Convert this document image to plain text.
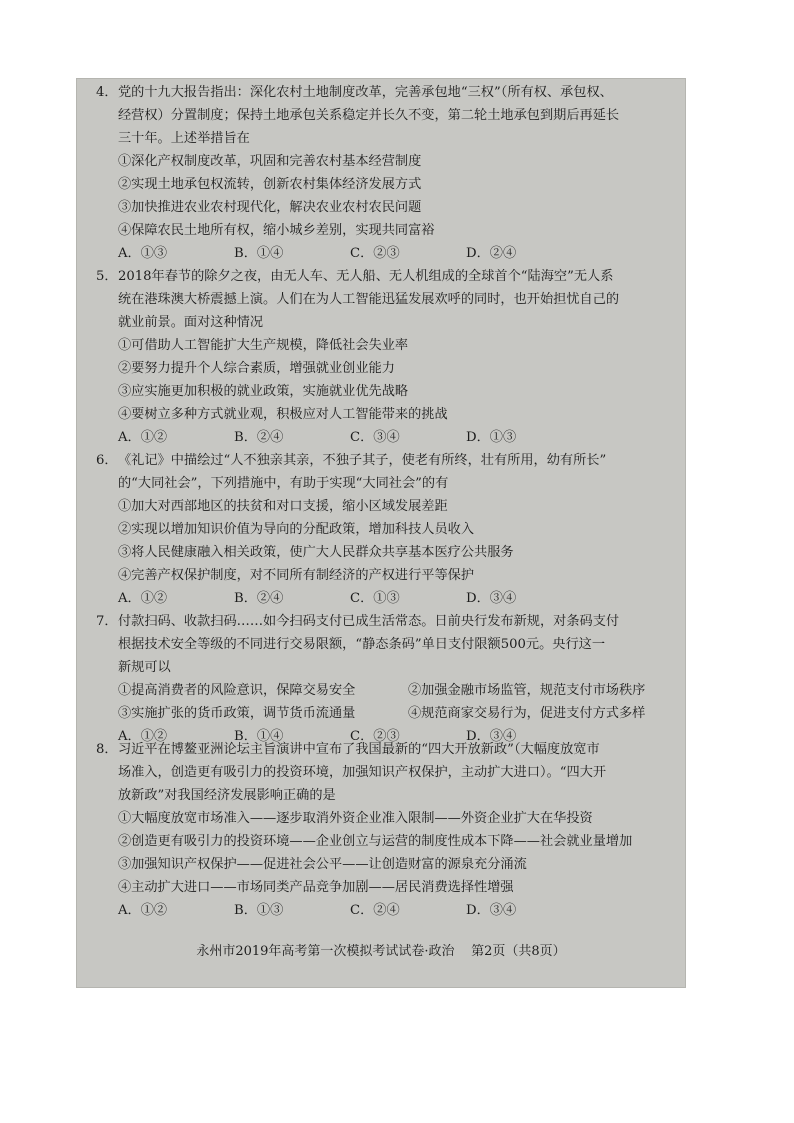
4． 党的十九大报告指出：深化农村土地制度改革，完善承包地“三权”（所有权、承包权、
经营权）分置制度；保持土地承包关系稳定并长久不变，第二轮土地承包到期后再延长
三十年。上述举措旨在
①深化产权制度改革，巩固和完善农村基本经营制度
②实现土地承包权流转，创新农村集体经济发展方式
③加快推进农业农村现代化，解决农业农村农民问题
④保障农民土地所有权，缩小城乡差别，实现共同富裕
A．①③	B．①④	C．②③	D．②④
5． 2018年春节的除夕之夜，由无人车、无人船、无人机组成的全球首个“陆海空”无人系
统在港珠澳大桥震撼上演。人们在为人工智能迅猛发展欢呼的同时，也开始担忧自己的
就业前景。面对这种情况
①可借助人工智能扩大生产规模，降低社会失业率
②要努力提升个人综合素质，增强就业创业能力
③应实施更加积极的就业政策，实施就业优先战略
④要树立多种方式就业观，积极应对人工智能带来的挑战
A．①②	B．②④	C．③④	D．①③
6． 《礼记》中描绘过“人不独亲其亲，不独子其子，使老有所终，壮有所用，幼有所长”
的“大同社会”，下列措施中，有助于实现“大同社会”的有
①加大对西部地区的扶贫和对口支援，缩小区域发展差距
②实现以增加知识价值为导向的分配政策，增加科技人员收入
③将人民健康融入相关政策，使广大人民群众共享基本医疗公共服务
④完善产权保护制度，对不同所有制经济的产权进行平等保护
A．①②	B．②④	C．①③	D．③④
7． 付款扫码、收款扫码……如今扫码支付已成生活常态。日前央行发布新规，对条码支付
根据技术安全等级的不同进行交易限额，“静态条码”单日支付限额500元。央行这一
新规可以
①提高消费者的风险意识，保障交易安全	②加强金融市场监管，规范支付市场秩序
③实施扩张的货币政策，调节货币流通量	④规范商家交易行为，促进支付方式多样
A．①②	B．①④	C．②③	D．③④
8． 习近平在博鳌亚洲论坛主旨演讲中宣布了我国最新的“四大开放新政”（大幅度放宽市
场准入，创造更有吸引力的投资环境，加强知识产权保护，主动扩大进口）。“四大开
放新政”对我国经济发展影响正确的是
①大幅度放宽市场准入——逐步取消外资企业准入限制——外资企业扩大在华投资
②创造更有吸引力的投资环境——企业创立与运营的制度性成本下降——社会就业量增加
③加强知识产权保护——促进社会公平——让创造财富的源泉充分涌流
④主动扩大进口——市场同类产品竞争加剧——居民消费选择性增强
A．①②	B．①③	C．②④	D．③④
永州市2019年高考第一次模拟考试试卷·政治 第2页（共8页）
